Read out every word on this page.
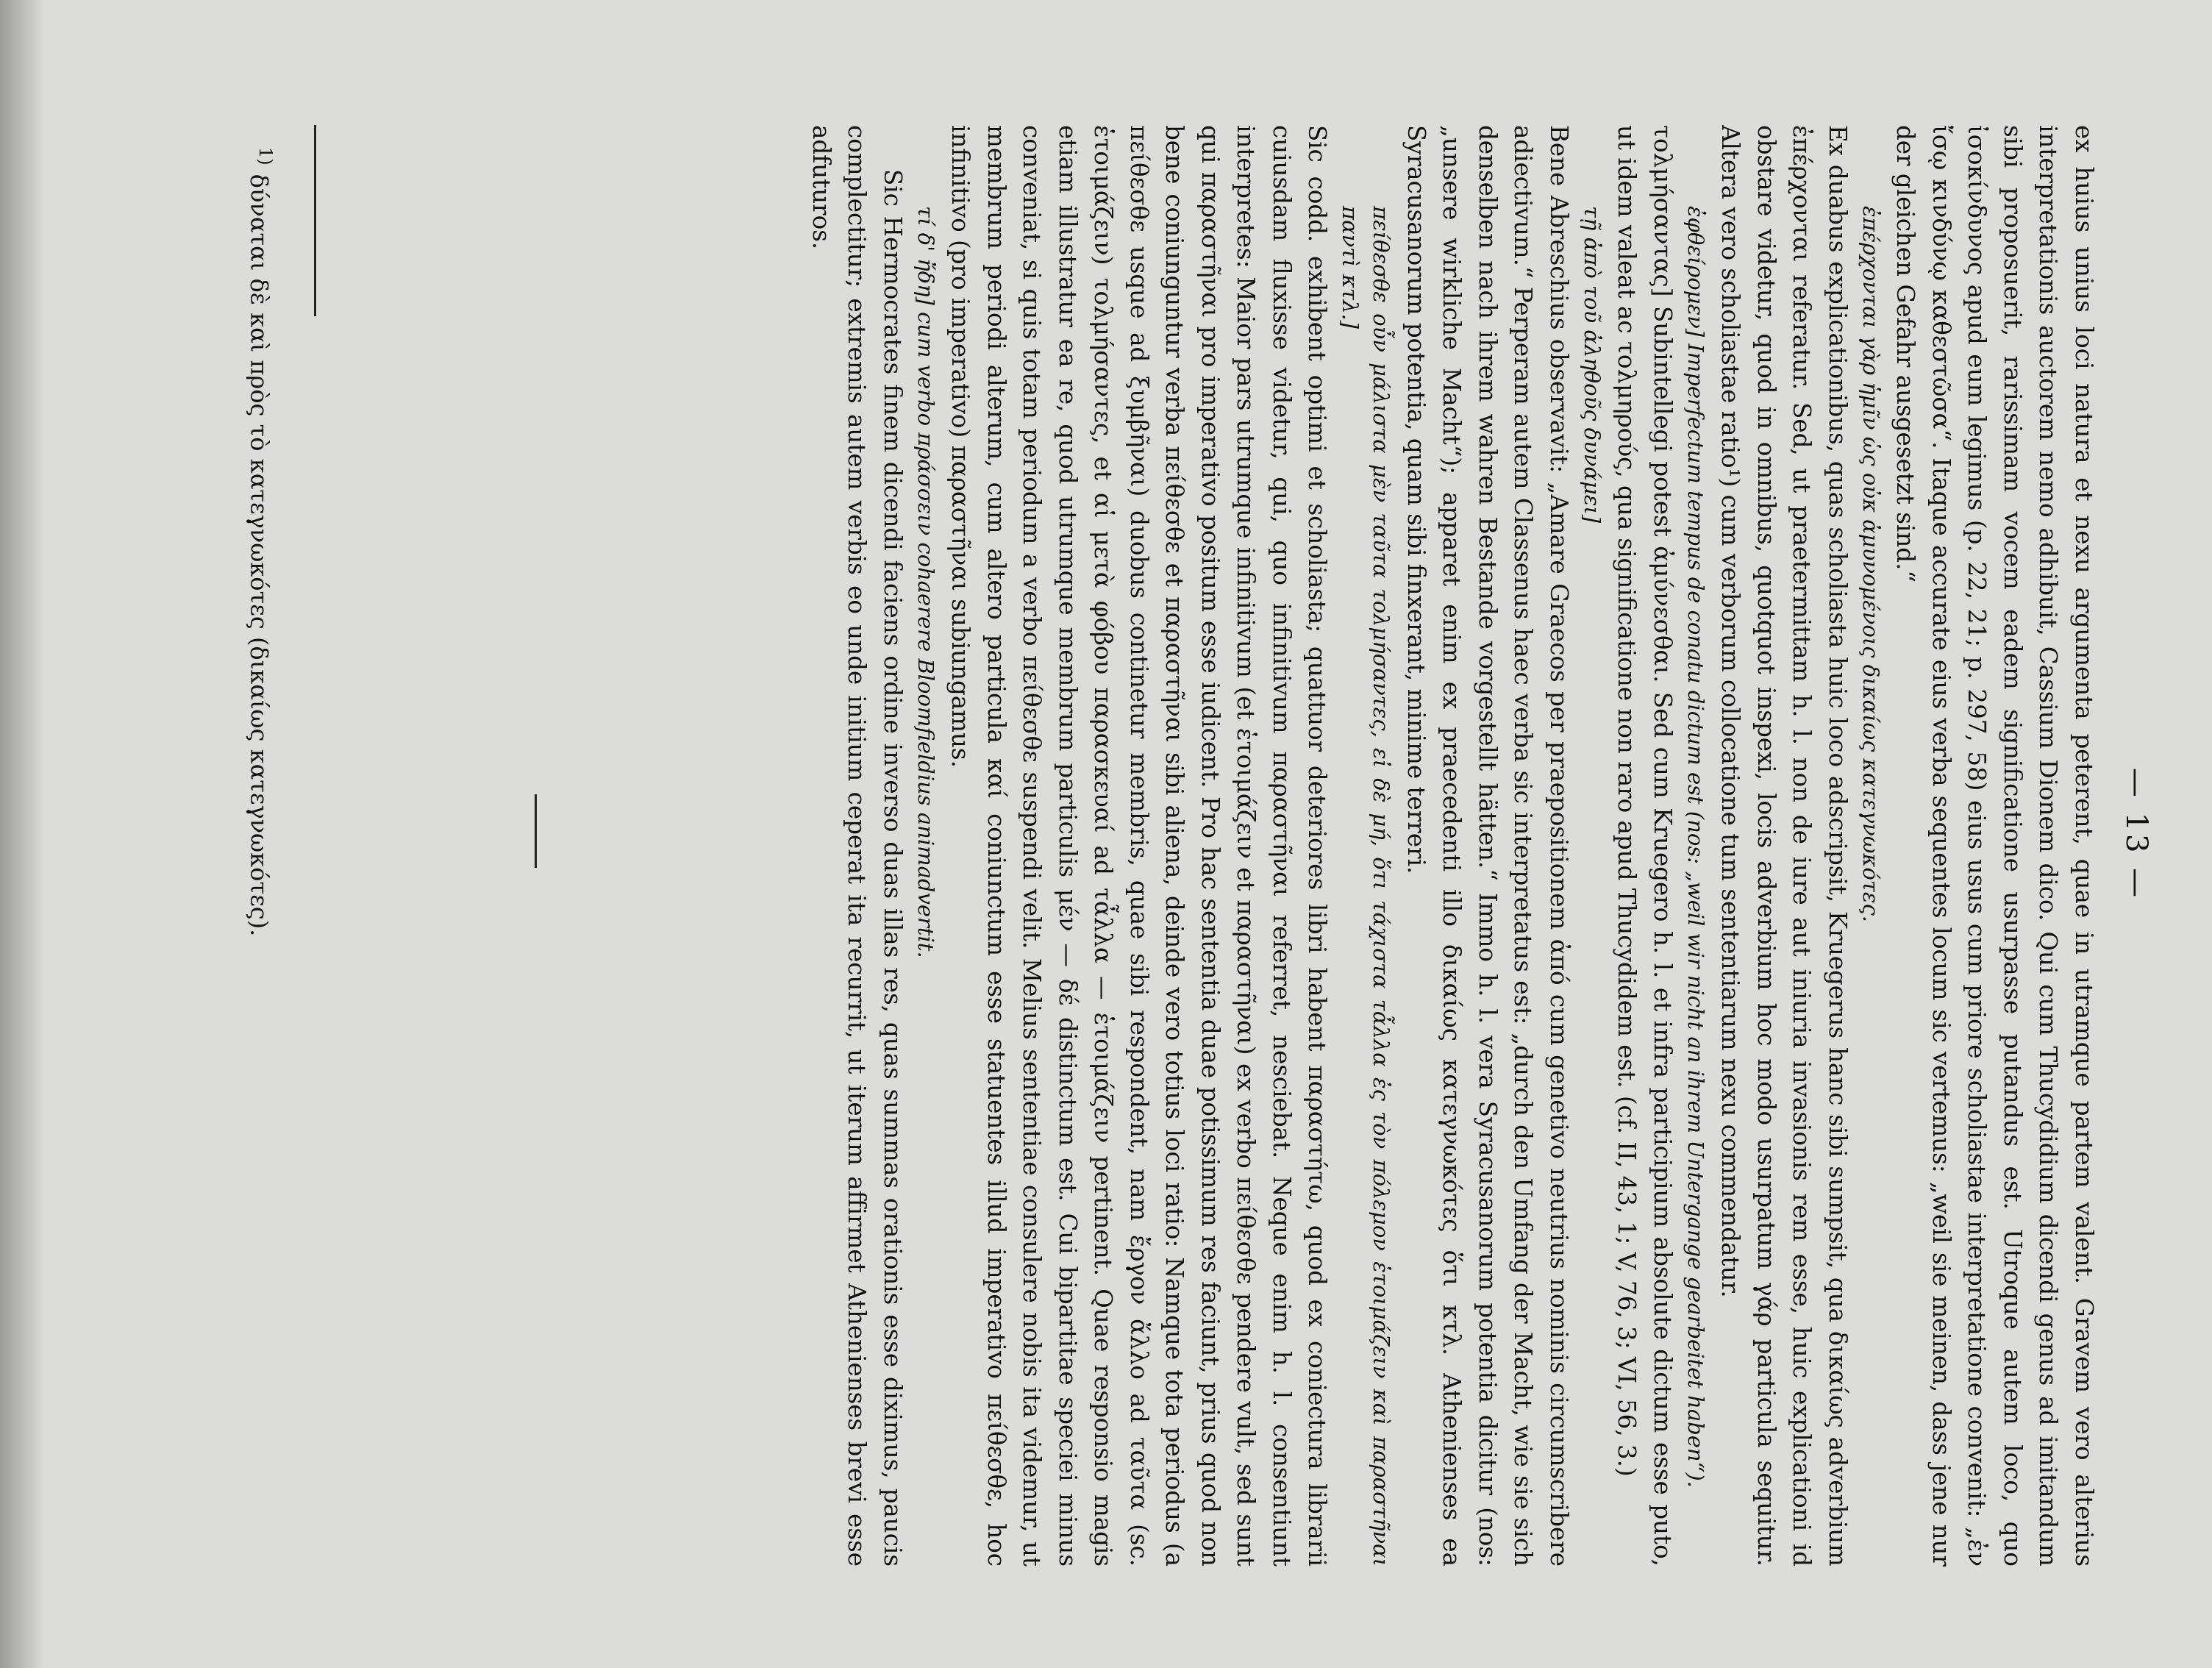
— 13 —

ex huius unius loci natura et nexu argumenta peterent, quae in utramque partem valent. Gravem vero alterius interpretationis auctorem nemo adhibuit, Cassium Dionem dico. Qui cum Thucydidium dicendi genus ad imitandum sibi proposuerit, rarissimam vocem eadem significatione usurpasse putandus est. Utroque autem loco, quo ἰσοκίνδυνος apud eum legimus (p. 22, 21; p. 297, 58) eius usus cum priore scholiastae interpretatione convenit: „ἐν ἴσῳ κινδύνῳ καθεστῶσα“. Itaque accurate eius verba sequentes locum sic vertemus: „weil sie meinen, dass jene nur der gleichen Gefahr ausgesetzt sind.“

ἐπέρχονται γὰρ ἡμῖν ὡς οὐκ ἀμυνομένοις δικαίως κατεγνωκότες.

Ex duabus explicationibus, quas scholiasta huic loco adscripsit, Kruegerus hanc sibi sumpsit, qua δικαίως adverbium ἐπέρχονται referatur. Sed, ut praetermittam h. l. non de iure aut iniuria invasionis rem esse, huic explicationi id obstare videtur, quod in omnibus, quotquot inspexi, locis adverbium hoc modo usurpatum γάρ particula sequitur. Altera vero scholiastae ratio¹) cum verborum collocatione tum sententiarum nexu commendatur.

ἐφθείρομεν] Imperfectum tempus de conatu dictum est (nos: „weil wir nicht an ihrem Untergange gearbeitet haben“).

τολμήσαντας] Subintellegi potest ἀμύνεσθαι. Sed cum Kruegero h. l. et infra participium absolute dictum esse puto, ut idem valeat ac τολμηρούς, qua significatione non raro apud Thucydidem est. (cf. II, 43, 1; V, 76, 3; VI, 56, 3.)

τῇ ἀπὸ τοῦ ἀληθοῦς δυνάμει]

Bene Abreschius observavit: „Amare Graecos per praepositionem ἀπό cum genetivo neutrius nominis circumscribere adiectivum.“ Perperam autem Classenus haec verba sic interpretatus est: „durch den Umfang der Macht, wie sie sich denselben nach ihrem wahren Bestande vorgestellt hätten.“ Immo h. l. vera Syracusanorum potentia dicitur (nos: „unsere wirkliche Macht“); apparet enim ex praecedenti illo δικαίως κατεγνωκότες ὅτι κτλ. Athenienses ea Syracusanorum potentia, quam sibi finxerant, minime terreri.

πείθεσθε οὖν μάλιστα μὲν ταῦτα τολμήσαντες, εἰ δὲ μή, ὅτι τάχιστα τἆλλα ἐς τὸν πόλεμον ἑτοιμάζειν καὶ παραστῆναι παντὶ κτλ.]

Sic codd. exhibent optimi et scholiasta; quattuor deteriores libri habent παραστήτω, quod ex coniectura librarii cuiusdam fluxisse videtur, qui, quo infinitivum παραστῆναι referret, nesciebat. Neque enim h. l. consentiunt interpretes: Maior pars utrumque infinitivum (et ἑτοιμάζειν et παραστῆναι) ex verbo πείθεσθε pendere vult, sed sunt qui παραστῆναι pro imperativo positum esse iudicent. Pro hac sententia duae potissimum res faciunt, prius quod non bene coniunguntur verba πείθεσθε et παραστῆναι sibi aliena, deinde vero totius loci ratio: Namque tota periodus (a πείθεσθε usque ad ξυμβῆναι) duobus continetur membris, quae sibi respondent, nam ἔργον ἄλλο ad ταῦτα (sc. ἑτοιμάζειν) τολμήσαντες, et αἱ μετὰ φόβου παρασκευαί ad τἆλλα — ἑτοιμάζειν pertinent. Quae responsio magis etiam illustratur ea re, quod utrumque membrum particulis μέν — δέ distinctum est. Cui bipartitae speciei minus conveniat, si quis totam periodum a verbo πείθεσθε suspendi velit. Melius sententiae consulere nobis ita videmur, ut membrum periodi alterum, cum altero particula καί coniunctum esse statuentes illud imperativo πείθεσθε, hoc infinitivo (pro imperativo) παραστῆναι subiungamus.

τί δ' ἤδη] cum verbo πράσσειν cohaerere Bloomfieldius animadvertit.

Sic Hermocrates finem dicendi faciens ordine inverso duas illas res, quas summas orationis esse diximus, paucis complectitur; extremis autem verbis eo unde initium ceperat ita recurrit, ut iterum affirmet Athenienses brevi esse adfuturos.

$^{1)}$δύναται δὲ καὶ πρὸς τὸ κατεγνωκότες (δικαίως κατεγνωκότες).
